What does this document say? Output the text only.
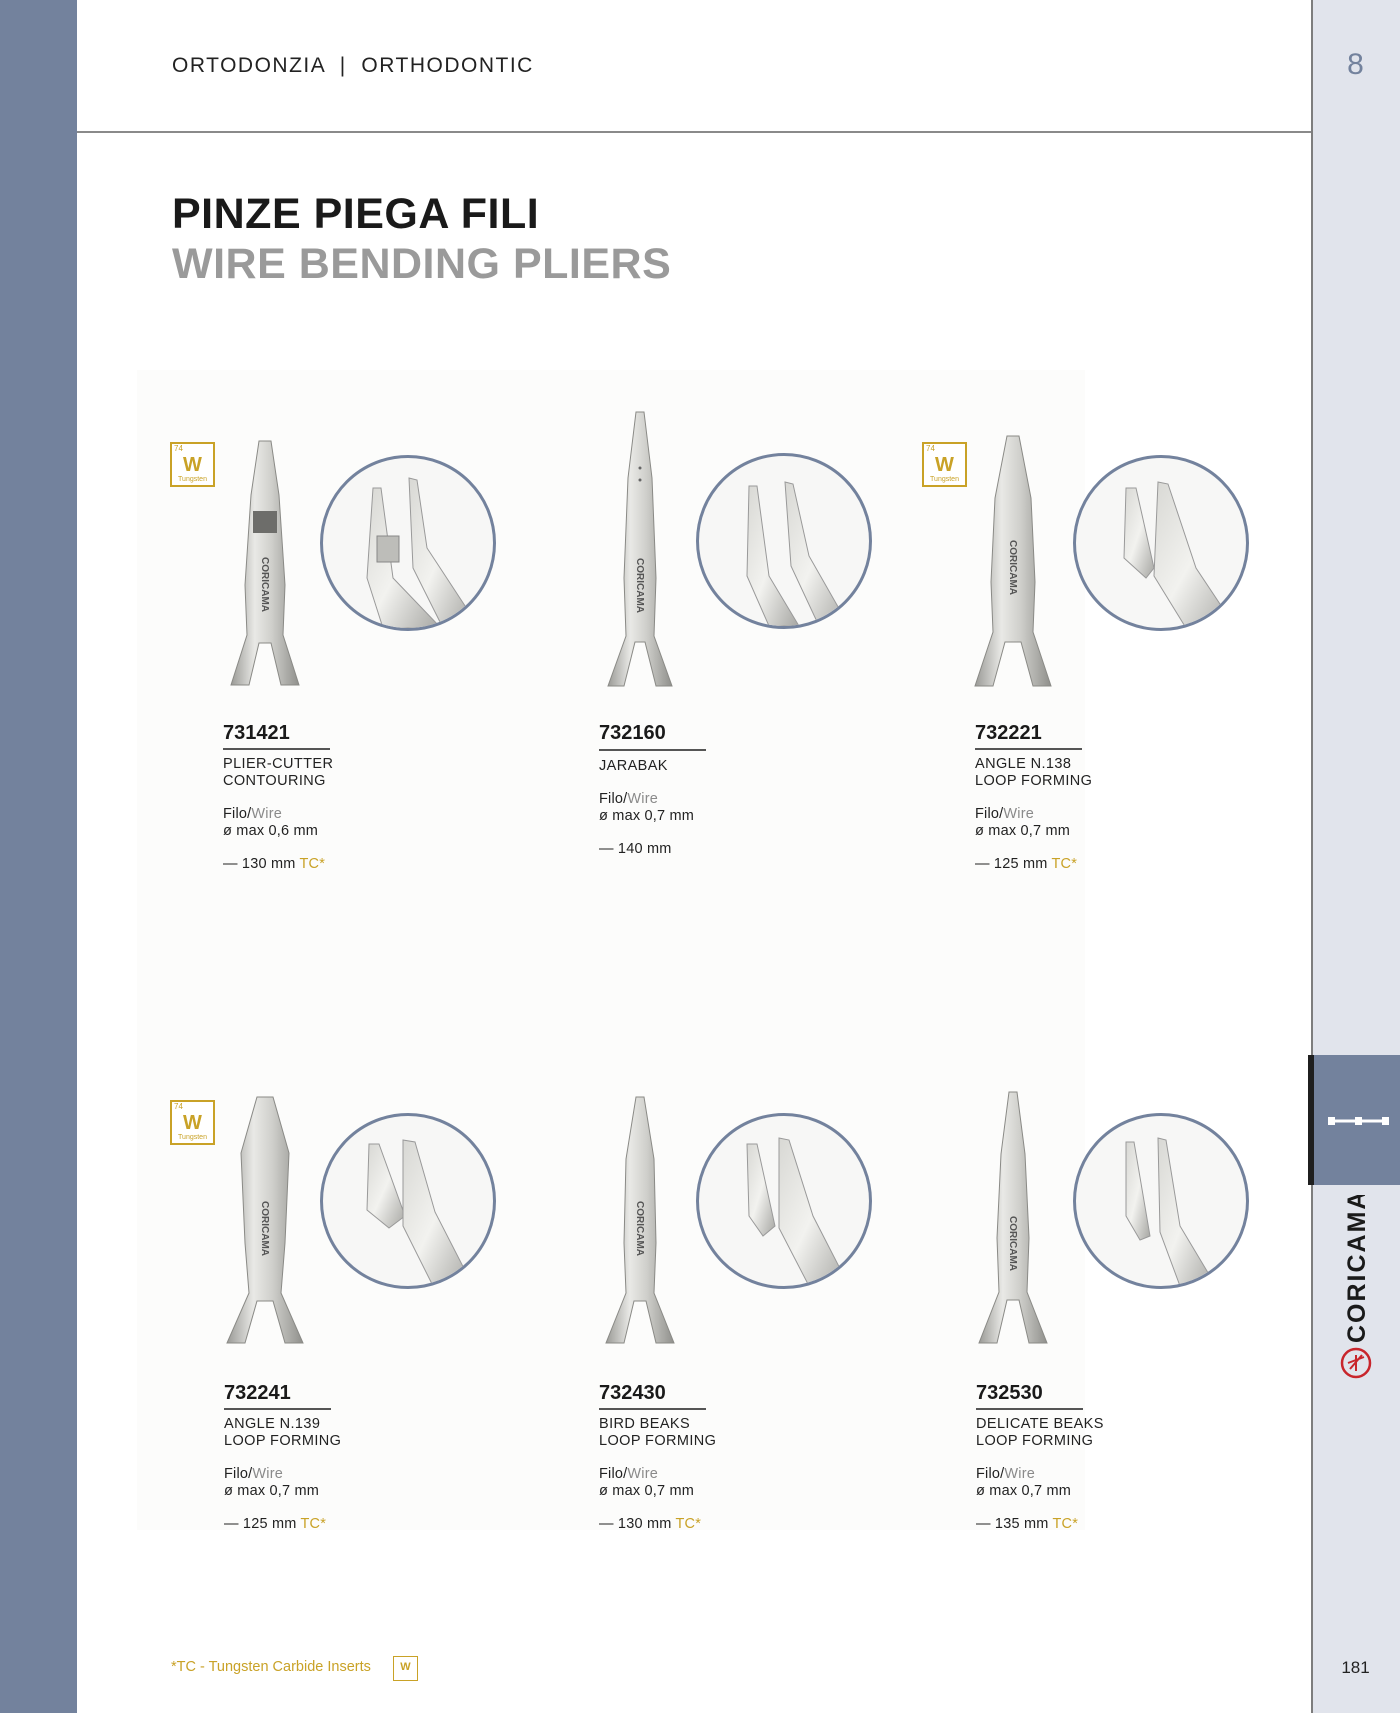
8
CORICAMA
181
ORTODONZIA  |  ORTHODONTIC
PINZE PIEGA FILI
WIRE BENDING PLIERS
74
W
Tungsten
CORICAMA	CORICAMA
74
W
Tungsten
CORICAMA
74
W
Tungsten
CORICAMA	CORICAMA	CORICAMA
731421
PLIER-CUTTER
CONTOURING
Filo/Wire
ø max 0,6 mm
— 130 mm TC*
732160
JARABAK
Filo/Wire
ø max 0,7 mm
— 140 mm
732221
ANGLE N.138
LOOP FORMING
Filo/Wire
ø max 0,7 mm
— 125 mm TC*
732241
ANGLE N.139
LOOP FORMING
Filo/Wire
ø max 0,7 mm
— 125 mm TC*
732430
BIRD BEAKS
LOOP FORMING
Filo/Wire
ø max 0,7 mm
— 130 mm TC*
732530
DELICATE BEAKS
LOOP FORMING
Filo/Wire
ø max 0,7 mm
— 135 mm TC*
*TC - Tungsten Carbide Inserts	W
